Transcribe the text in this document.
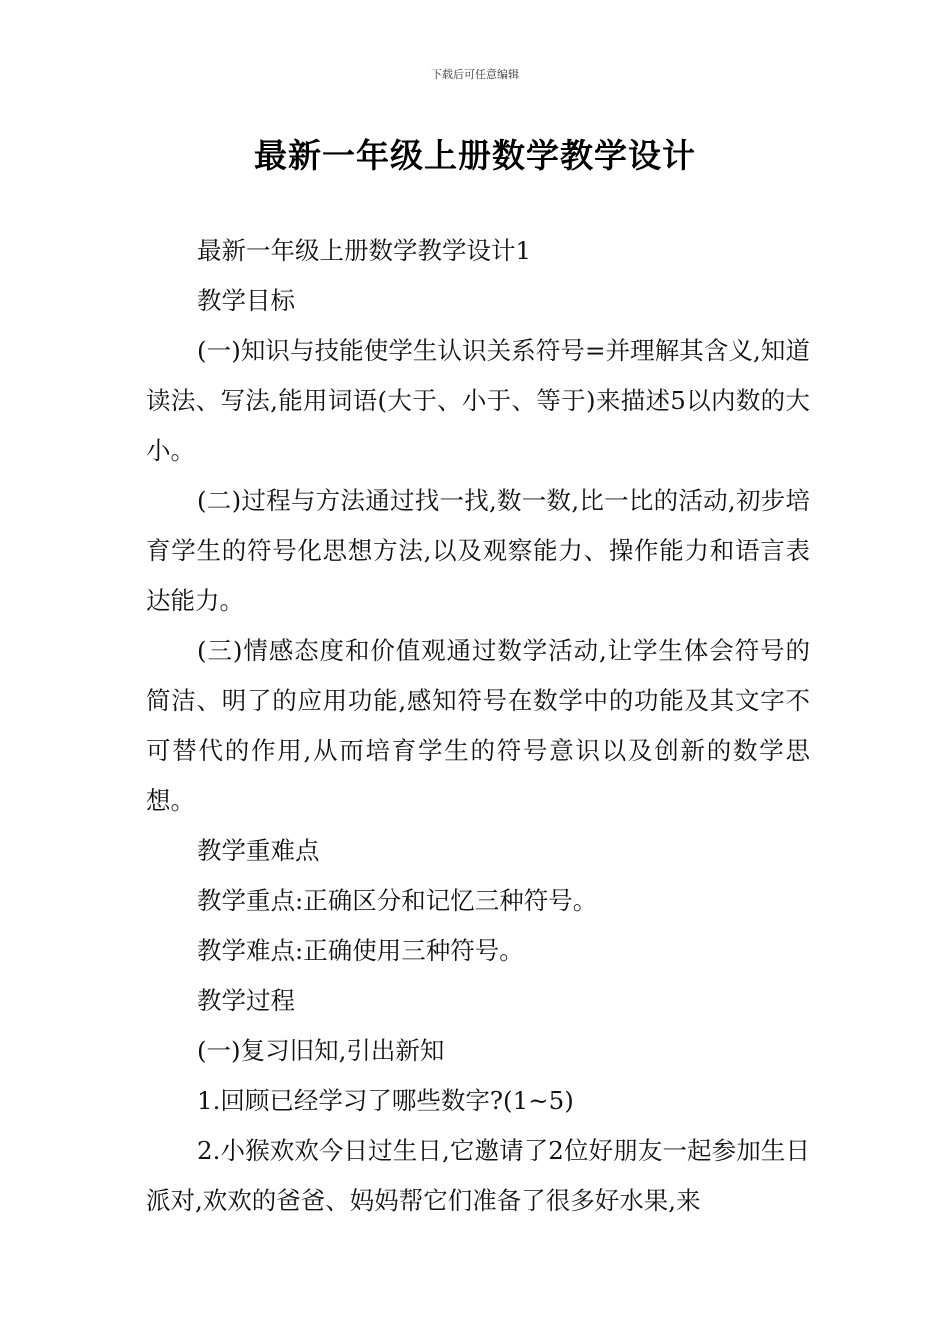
下载后可任意编辑
最新一年级上册数学教学设计

最新一年级上册数学教学设计1

教学目标

(一)知识与技能使学生认识关系符号=并理解其含义,知道读法、写法,能用词语(大于、小于、等于)来描述5以内数的大小。

(二)过程与方法通过找一找,数一数,比一比的活动,初步培育学生的符号化思想方法,以及观察能力、操作能力和语言表达能力。

(三)情感态度和价值观通过数学活动,让学生体会符号的简洁、明了的应用功能,感知符号在数学中的功能及其文字不可替代的作用,从而培育学生的符号意识以及创新的数学思想。

教学重难点

教学重点:正确区分和记忆三种符号。

教学难点:正确使用三种符号。

教学过程

(一)复习旧知,引出新知

1.回顾已经学习了哪些数字?(1~5)

2.小猴欢欢今日过生日,它邀请了2位好朋友一起参加生日派对,欢欢的爸爸、妈妈帮它们准备了很多好水果,来
